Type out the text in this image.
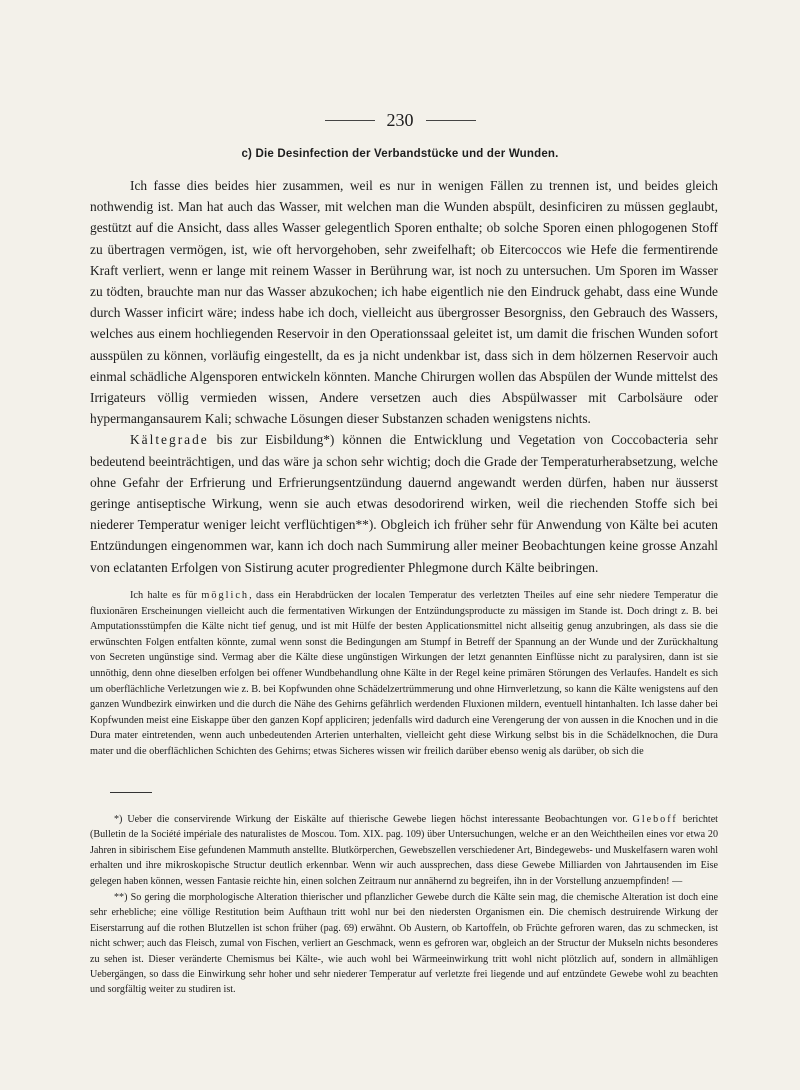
230
c) Die Desinfection der Verbandstücke und der Wunden.

Ich fasse dies beides hier zusammen, weil es nur in wenigen Fällen zu trennen ist, und beides gleich nothwendig ist. Man hat auch das Wasser, mit welchen man die Wunden abspült, desinficiren zu müssen geglaubt, gestützt auf die Ansicht, dass alles Wasser gelegentlich Sporen enthalte; ob solche Sporen einen phlogogenen Stoff zu übertragen vermögen, ist, wie oft hervorgehoben, sehr zweifelhaft; ob Eitercoccos wie Hefe die fermentirende Kraft verliert, wenn er lange mit reinem Wasser in Berührung war, ist noch zu untersuchen. Um Sporen im Wasser zu tödten, brauchte man nur das Wasser abzukochen; ich habe eigentlich nie den Eindruck gehabt, dass eine Wunde durch Wasser inficirt wäre; indess habe ich doch, vielleicht aus übergrosser Besorgniss, den Gebrauch des Wassers, welches aus einem hochliegenden Reservoir in den Operationssaal geleitet ist, um damit die frischen Wunden sofort ausspülen zu können, vorläufig eingestellt, da es ja nicht undenkbar ist, dass sich in dem hölzernen Reservoir auch einmal schädliche Algensporen entwickeln könnten. Manche Chirurgen wollen das Abspülen der Wunde mittelst des Irrigateurs völlig vermieden wissen, Andere versetzen auch dies Abspülwasser mit Carbolsäure oder hypermangansaurem Kali; schwache Lösungen dieser Substanzen schaden wenigstens nichts.

Kältegrade bis zur Eisbildung*) können die Entwicklung und Vegetation von Coccobacteria sehr bedeutend beeinträchtigen, und das wäre ja schon sehr wichtig; doch die Grade der Temperaturherabsetzung, welche ohne Gefahr der Erfrierung und Erfrierungsentzündung dauernd angewandt werden dürfen, haben nur äusserst geringe antiseptische Wirkung, wenn sie auch etwas desodorirend wirken, weil die riechenden Stoffe sich bei niederer Temperatur weniger leicht verflüchtigen**). Obgleich ich früher sehr für Anwendung von Kälte bei acuten Entzündungen eingenommen war, kann ich doch nach Summirung aller meiner Beobachtungen keine grosse Anzahl von eclatanten Erfolgen von Sistirung acuter progredienter Phlegmone durch Kälte beibringen.

Ich halte es für möglich, dass ein Herabdrücken der localen Temperatur des verletzten Theiles auf eine sehr niedere Temperatur die fluxionären Erscheinungen vielleicht auch die fermentativen Wirkungen der Entzündungsproducte zu mässigen im Stande ist. Doch dringt z. B. bei Amputationsstümpfen die Kälte nicht tief genug, und ist mit Hülfe der besten Applicationsmittel nicht allseitig genug anzubringen, als dass sie die erwünschten Folgen entfalten könnte, zumal wenn sonst die Bedingungen am Stumpf in Betreff der Spannung an der Wunde und der Zurückhaltung von Secreten ungünstige sind. Vermag aber die Kälte diese ungünstigen Wirkungen der letzt genannten Einflüsse nicht zu paralysiren, dann ist sie unnöthig, denn ohne dieselben erfolgen bei offener Wundbehandlung ohne Kälte in der Regel keine primären Störungen des Verlaufes. Handelt es sich um oberflächliche Verletzungen wie z. B. bei Kopfwunden ohne Schädelzertrümmerung und ohne Hirnverletzung, so kann die Kälte wenigstens auf den ganzen Wundbezirk einwirken und die durch die Nähe des Gehirns gefährlich werdenden Fluxionen mildern, eventuell hintanhalten. Ich lasse daher bei Kopfwunden meist eine Eiskappe über den ganzen Kopf appliciren; jedenfalls wird dadurch eine Verengerung der von aussen in die Knochen und in die Dura mater eintretenden, wenn auch unbedeutenden Arterien unterhalten, vielleicht geht diese Wirkung selbst bis in die Schädelknochen, die Dura mater und die oberflächlichen Schichten des Gehirns; etwas Sicheres wissen wir freilich darüber ebenso wenig als darüber, ob sich die

*) Ueber die conservirende Wirkung der Eiskälte auf thierische Gewebe liegen höchst interessante Beobachtungen vor. Gleboff berichtet (Bulletin de la Société impériale des naturalistes de Moscou. Tom. XIX. pag. 109) über Untersuchungen, welche er an den Weichtheilen eines vor etwa 20 Jahren in sibirischem Eise gefundenen Mammuth anstellte. Blutkörperchen, Gewebszellen verschiedener Art, Bindegewebs- und Muskelfasern waren wohl erhalten und ihre mikroskopische Structur deutlich erkennbar. Wenn wir auch aussprechen, dass diese Gewebe Milliarden von Jahrtausenden im Eise gelegen haben können, wessen Fantasie reichte hin, einen solchen Zeitraum nur annähernd zu begreifen, ihn in der Vorstellung anzuempfinden! —

**) So gering die morphologische Alteration thierischer und pflanzlicher Gewebe durch die Kälte sein mag, die chemische Alteration ist doch eine sehr erhebliche; eine völlige Restitution beim Aufthaun tritt wohl nur bei den niedersten Organismen ein. Die chemisch destruirende Wirkung der Eiserstarrung auf die rothen Blutzellen ist schon früher (pag. 69) erwähnt. Ob Austern, ob Kartoffeln, ob Früchte gefroren waren, das zu schmecken, ist nicht schwer; auch das Fleisch, zumal von Fischen, verliert an Geschmack, wenn es gefroren war, obgleich an der Structur der Mukseln nichts besonderes zu sehen ist. Dieser veränderte Chemismus bei Kälte-, wie auch wohl bei Wärmeeinwirkung tritt wohl nicht plötzlich auf, sondern in allmähligen Uebergängen, so dass die Einwirkung sehr hoher und sehr niederer Temperatur auf verletzte frei liegende und auf entzündete Gewebe wohl zu beachten und sorgfältig weiter zu studiren ist.
